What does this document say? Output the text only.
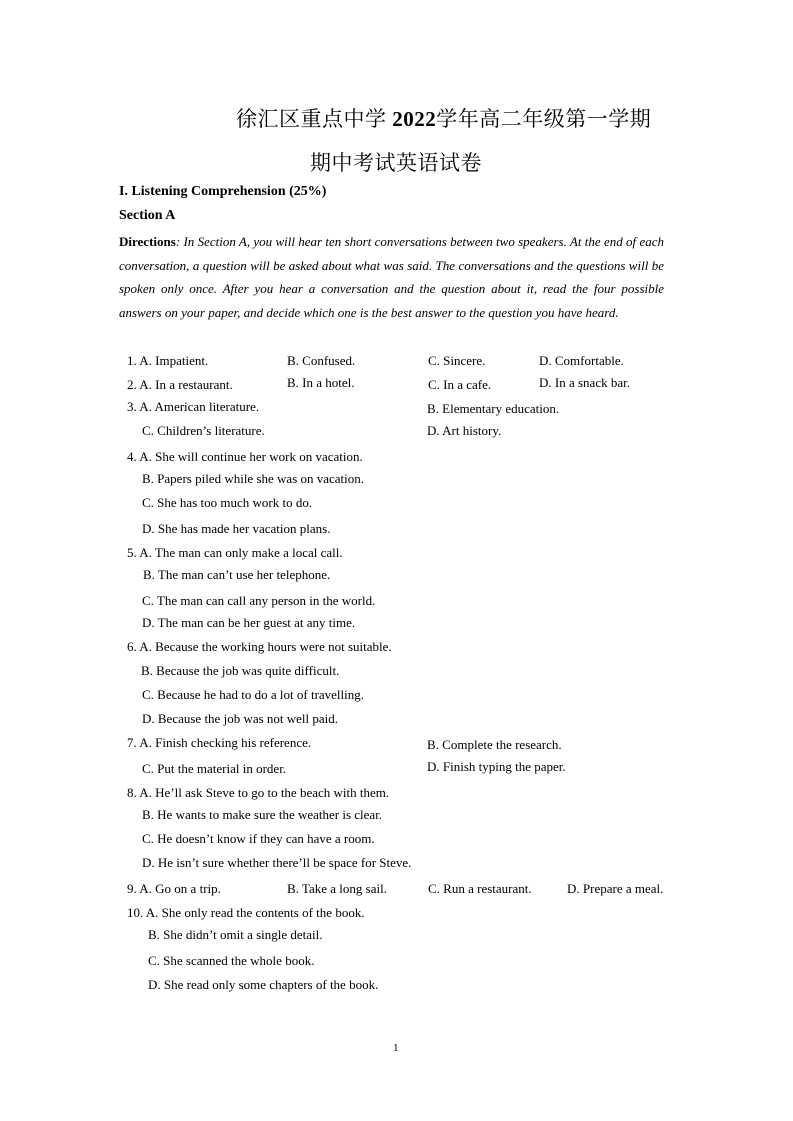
徐汇区重点中学 2022学年高二年级第一学期
期中考试英语试卷
I. Listening Comprehension (25%)
Section A
Directions: In Section A, you will hear ten short conversations between two speakers. At the end of each conversation, a question will be asked about what was said. The conversations and the questions will be spoken only once. After you hear a conversation and the question about it, read the four possible answers on your paper, and decide which one is the best answer to the question you have heard.
1. A. Impatient.	B. Confused.	C. Sincere.	D. Comfortable.
2. A. In a restaurant.	B. In a hotel.	C. In a cafe.	D. In a snack bar.
3. A. American literature.	B. Elementary education.
C. Children’s literature.	D. Art history.
4. A. She will continue her work on vacation.
B. Papers piled while she was on vacation.
C. She has too much work to do.
D. She has made her vacation plans.
5. A. The man can only make a local call.
B. The man can’t use her telephone.
C. The man can call any person in the world.
D. The man can be her guest at any time.
6. A. Because the working hours were not suitable.
B. Because the job was quite difficult.
C. Because he had to do a lot of travelling.
D. Because the job was not well paid.
7. A. Finish checking his reference.	B. Complete the research.
C. Put the material in order.	D. Finish typing the paper.
8. A. He’ll ask Steve to go to the beach with them.
B. He wants to make sure the weather is clear.
C. He doesn’t know if they can have a room.
D. He isn’t sure whether there’ll be space for Steve.
9. A. Go on a trip.	B. Take a long sail.	C. Run a restaurant.	D. Prepare a meal.
10. A. She only read the contents of the book.
B. She didn’t omit a single detail.
C. She scanned the whole book.
D. She read only some chapters of the book.
1
